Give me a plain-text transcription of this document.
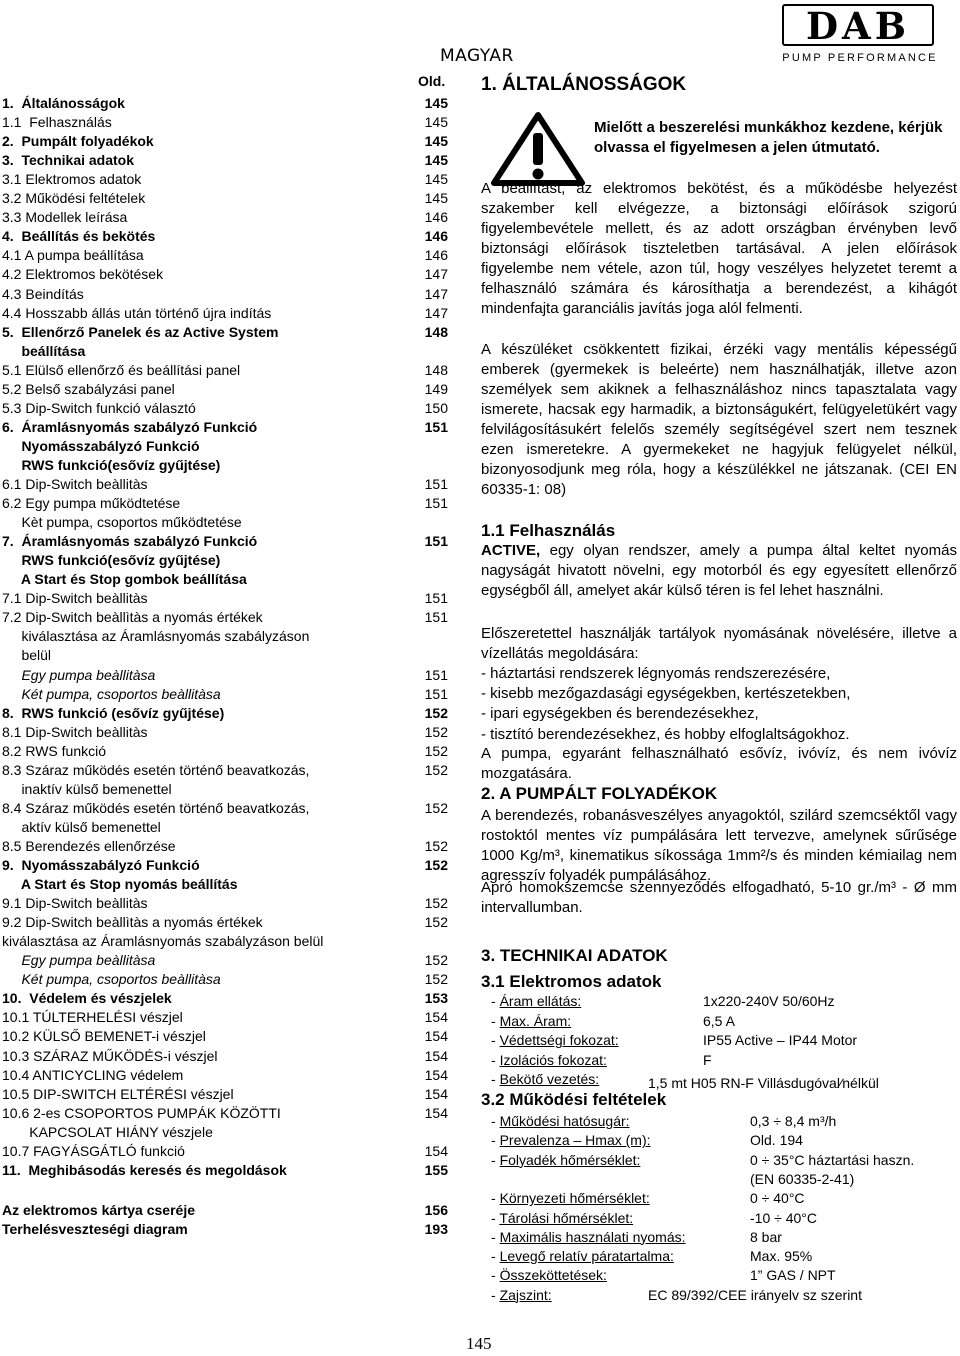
MAGYAR
DAB
PUMP PERFORMANCE
Old.
1.  Általánosságok	145
1.1  Felhasználás	145
2.  Pumpált folyadékok	145
3.  Technikai adatok	145
3.1 Elektromos adatok	145
3.2 Működési feltételek	145
3.3 Modellek leírása	146
4.  Beállítás és bekötés	146
4.1 A pumpa beállítása	146
4.2 Elektromos bekötések	147
4.3 Beindítás	147
4.4 Hosszabb állás után történő újra indítás	147
5.  Ellenőrző Panelek és az Active System	148
beállítása
5.1 Elülső ellenőrző és beállítási panel	148
5.2 Belső szabályzási panel	149
5.3 Dip-Switch funkció választó	150
6.  Áramlásnyomás szabályzó Funkció	151
Nyomásszabályzó Funkció
RWS funkció(esővíz gyűjtése)
6.1 Dip-Switch beàllitàs	151
6.2 Egy pumpa működtetése	151
Kèt pumpa, csoportos működtetése
7.  Áramlásnyomás szabályzó Funkció	151
RWS funkció(esővíz gyűjtése)
A Start és Stop gombok beállítása
7.1 Dip-Switch beàllitàs	151
7.2 Dip-Switch beàllìtàs a nyomás értékek	151
kiválasztása az Áramlásnyomás szabályzáson
belül
Egy pumpa beàllitàsa	151
Két pumpa, csoportos beàllitàsa	151
8.  RWS funkció (esővíz gyűjtése)	152
8.1 Dip-Switch beàllitàs	152
8.2 RWS funkció	152
8.3 Száraz működés esetén történő beavatkozás,	152
inaktív külső bemenettel
8.4 Száraz működés esetén történő beavatkozás,	152
aktív külső bemenettel
8.5 Berendezés ellenőrzése	152
9.  Nyomásszabályzó Funkció	152
A Start és Stop nyomás beállítás
9.1 Dip-Switch beàllitàs	152
9.2 Dip-Switch beàllìtàs a nyomás értékek	152
kiválasztása az Áramlásnyomás szabályzáson belül
Egy pumpa beàllitàsa	152
Két pumpa, csoportos beàllitàsa	152
10.  Védelem és vészjelek	153
10.1 TÚLTERHELÉSI vészjel	154
10.2 KÜLSŐ BEMENET-i vészjel	154
10.3 SZÁRAZ MŰKÖDÉS-i vészjel	154
10.4 ANTICYCLING védelem	154
10.5 DIP-SWITCH ELTÉRÉSI vészjel	154
10.6 2-es CSOPORTOS PUMPÁK KÖZÖTTI	154
KAPCSOLAT HIÁNY vészjele
10.7 FAGYÁSGÁTLÓ funkció	154
11.  Meghibásodás keresés és megoldások	155
Az elektromos kártya cseréje	156
Terhelésveszteségi diagram	193
1. ÁLTALÁNOSSÁGOK
Mielőtt a beszerelési munkákhoz kezdene, kérjük olvassa el figyelmesen a jelen útmutató.
A beállítást, az elektromos bekötést, és a működésbe helyezést szakember kell elvégezze, a biztonsági előírások szigorú figyelembevétele mellett, és az adott országban érvényben levő biztonsági előírások tiszteletben tartásával. A jelen előírások figyelembe nem vétele, azon túl, hogy veszélyes helyzetet teremt a felhasználó számára és károsíthatja a berendezést, a kihágót mindenfajta garanciális javítás joga alól felmenti.
A készüléket csökkentett fizikai, érzéki vagy mentális képességű emberek (gyermekek is beleérte) nem használhatják, illetve azon személyek sem akiknek a felhasználáshoz nincs tapasztalata vagy ismerete, hacsak egy harmadik, a biztonságukért, felügyeletükért vagy felvilágosításukért felelős személy segítségével szert nem tesznek ezen ismeretekre. A gyermekeket ne hagyjuk felügyelet nélkül, bizonyosodjunk meg róla, hogy a készülékkel ne játszanak. (CEI EN 60335-1: 08)
1.1 Felhasználás
ACTIVE, egy olyan rendszer, amely a pumpa által keltet nyomás nagyságát hivatott növelni, egy motorból és egy egyesített ellenőrző egységből áll, amelyet akár külső téren is fel lehet használni.
Előszeretettel használják tartályok nyomásának növelésére, illetve a vízellátás megoldására:
- háztartási rendszerek légnyomás rendszerezésére,
- kisebb mezőgazdasági egységekben, kertészetekben,
- ipari egységekben és berendezésekhez,
- tisztító berendezésekhez, és hobby elfoglaltságokhoz.
A pumpa, egyaránt felhasználható esővíz, ivóvíz, és nem ivóvíz mozgatására.
2. A PUMPÁLT FOLYADÉKOK
A berendezés, robanásveszélyes anyagoktól, szilárd szemcséktől vagy rostoktól mentes víz pumpálására lett tervezve, amelynek sűrűsége 1000 Kg/m³, kinematikus síkossága 1mm²/s és minden kémiailag nem agresszív folyadék pumpálásához.
Apró homokszemcse szennyeződés elfogadható, 5-10 gr./m³ - Ø mm intervallumban.
3. TECHNIKAI ADATOK
3.1 Elektromos adatok
- Áram ellátás:	1x220-240V 50/60Hz
- Max. Áram:	6,5 A
- Védettségi fokozat:	IP55 Active – IP44 Motor
- Izolációs fokozat:	F
- Bekötő vezetés:	1,5 mt H05 RN-F Villásdugóval⁄nélkül
3.2 Működési feltételek
- Működési hatósugár:	0,3 ÷ 8,4 m³/h
- Prevalenza – Hmax (m):	Old. 194
- Folyadék hőmérséklet:	0 ÷ 35°C háztartási haszn.
(EN 60335-2-41)
- Környezeti hőmérséklet:	0 ÷ 40°C
- Tárolási hőmérséklet:	-10 ÷ 40°C
- Maximális használati nyomás:	8 bar
- Levegő relatív páratartalma:	Max. 95%
- Összeköttetések:	1” GAS / NPT
- Zajszint:	EC 89/392/CEE irányelv sz szerint
145
